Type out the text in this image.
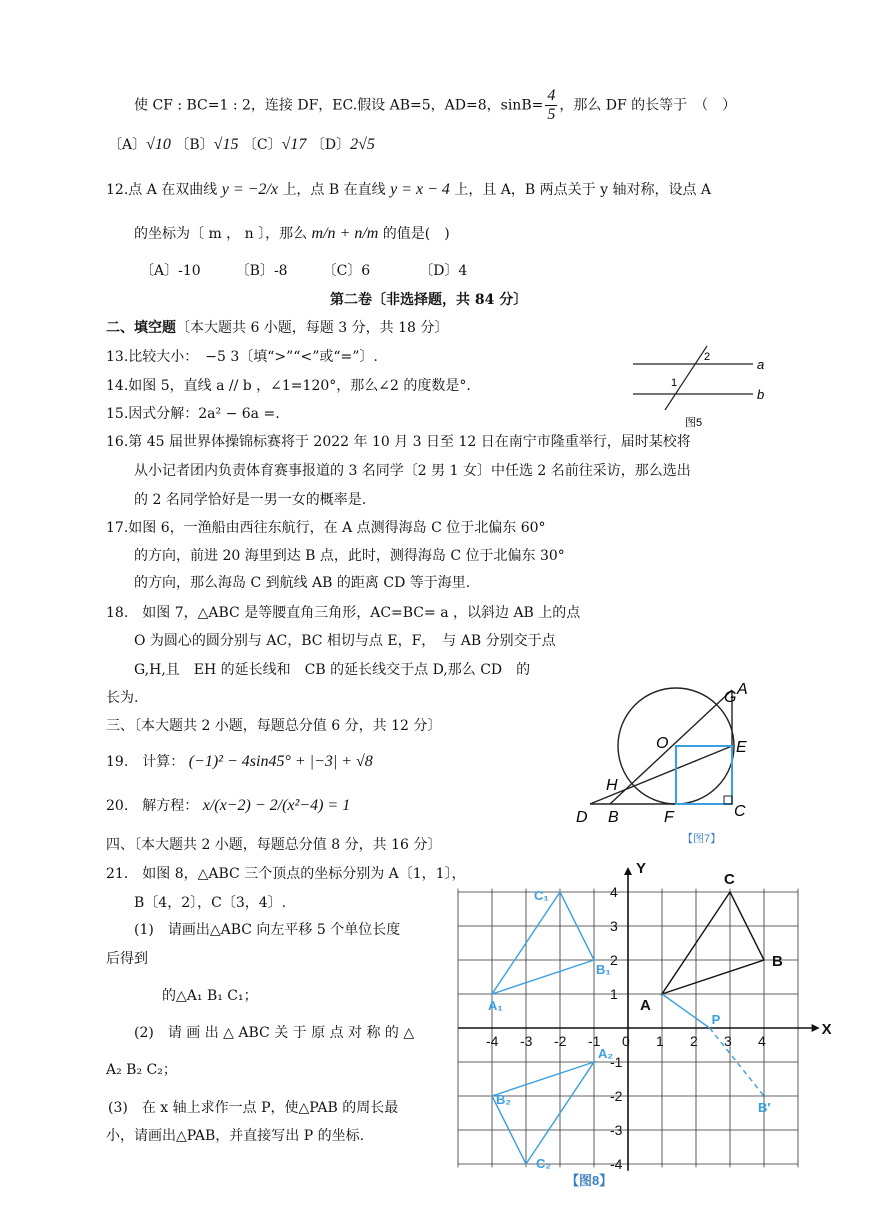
使 CF : BC=1 : 2，连接 DF，EC.假设 AB=5，AD=8，$\sin B= \frac{4}{5}$ ，那么 DF 的长等于　（　）
〔A〕√10 〔B〕√15 〔C〕√17 〔D〕2√5
12.点 A 在双曲线 y = −2/x 上，点 B 在直线 y = x − 4 上，且 A，B 两点关于 y 轴对称，设点 A
的坐标为〔 m ， n 〕，那么 m/n + n/m 的值是(　)
〔A〕-10　　　〔B〕-8　　　〔C〕6　　　　〔D〕4
第二卷〔非选择题，共 84 分〕
二、填空题〔本大题共 6 小题，每题 3 分，共 18 分〕
13.比较大小：　−5 3〔填“>”“<”或“=”〕.
14.如图 5，直线 a // b ，∠1=120°，那么∠2 的度数是°.
15.因式分解：2a² − 6a =.
a
b
1
2
图5
16.第 45 届世界体操锦标赛将于 2022 年 10 月 3 日至 12 日在南宁市隆重举行，届时某校将
从小记者团内负责体育赛事报道的 3 名同学〔2 男 1 女〕中任选 2 名前往采访，那么选出
的 2 名同学恰好是一男一女的概率是.
17.如图 6，一渔船由西往东航行，在 A 点测得海岛 C 位于北偏东 60°
的方向，前进 20 海里到达 B 点，此时，测得海岛 C 位于北偏东 30°
的方向，那么海岛 C 到航线 AB 的距离 CD 等于海里.
18.　如图 7，△ABC 是等腰直角三角形，AC=BC= a ，以斜边 AB 上的点
O 为圆心的圆分别与 AC，BC 相切与点 E，F，　与 AB 分别交于点
G,H,且　EH 的延长线和　CB 的延长线交于点 D,那么 CD　的
长为.	G A
O	E
H
D B	F	C
【图7】
三、〔本大题共 2 小题，每题总分值 6 分，共 12 分〕
19.　计算： (−1)² − 4sin45° + |−3| + √8
20.　解方程： x/(x−2) − 2/(x²−4) = 1
四、〔本大题共 2 小题，每题总分值 8 分，共 16 分〕
21.　如图 8，△ABC 三个顶点的坐标分别为 A〔1，1〕，
B〔4，2〕，C〔3，4〕.
(1)　请画出△ABC 向左平移 5 个单位长度
后得到
的△A₁ B₁ C₁；
(2)　请 画 出 △ ABC 关 于 原 点 对 称 的 △
A₂ B₂ C₂；
(3)　在 x 轴上求作一点 P，使△PAB 的周长最
小，请画出△PAB，并直接写出 P 的坐标.
X
Y
-4 -3 -2 -1 0 1 2 3 4
4
3
2
1
-1
-2
-3
-4
C
B
A
C₁
B₁
A₁
A₂
B₂
C₂
P
B′
【图8】
